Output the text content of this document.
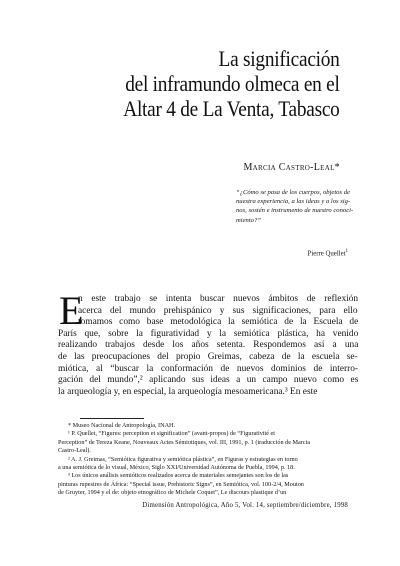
La significación
del inframundo olmeca en el
Altar 4 de La Venta, Tabasco
Marcia Castro-Leal*
“¿Cómo se pasa de los cuerpos, objetos de
nuestra experiencia, a las ideas y a los sig-
nos, sostén e instrumento de nuestro conoci-
miento?”
Pierre Quellet$^1$
E
n este trabajo se intenta buscar nuevos ámbitos de reflexión
acerca del mundo prehispánico y sus significaciones, para ello
tomamos como base metodológica la semiótica de la Escuela de
París que, sobre la figuratividad y la semiótica plástica, ha venido
realizando trabajos desde los años setenta. Respondemos así a una
de las preocupaciones del propio Greimas, cabeza de la escuela se-
miótica, al “buscar la conformación de nuevos dominios de interro-
gación del mundo”,² aplicando sus ideas a un campo nuevo como es
la arqueología y, en especial, la arqueología mesoamericana.³ En este
* Museo Nacional de Antropología, INAH.
¹ P. Quellet, “Figures: perception et signification” (avant-propos) de “Figurativité et
Perception” de Tereza Keane, Nouveaux Actes Sémiotiques, vol. III, 1991, p. 1 (traducción de Marcia
Castro-Leal).
² A. J. Greimas, “Semiótica figurativa y semiótica plástica”, en Figuras y estrategias en torno
a una semiótica de lo visual, México, Siglo XXI/Universidad Autónoma de Puebla, 1994, p. 18.
³ Los únicos análisis semióticos realizados acerca de materiales semejantes son los de las
pinturas rupestres de África: “Special issue, Prehistoric Signs”, en Semiótica, vol. 100-2/4, Mouton
de Gruyter, 1994 y el de: objeto etnográfico de Michele Coquet”, Le discours plastique d’un
Dimensión Antropológica, Año 5, Vol. 14, septiembre/diciembre, 1998
